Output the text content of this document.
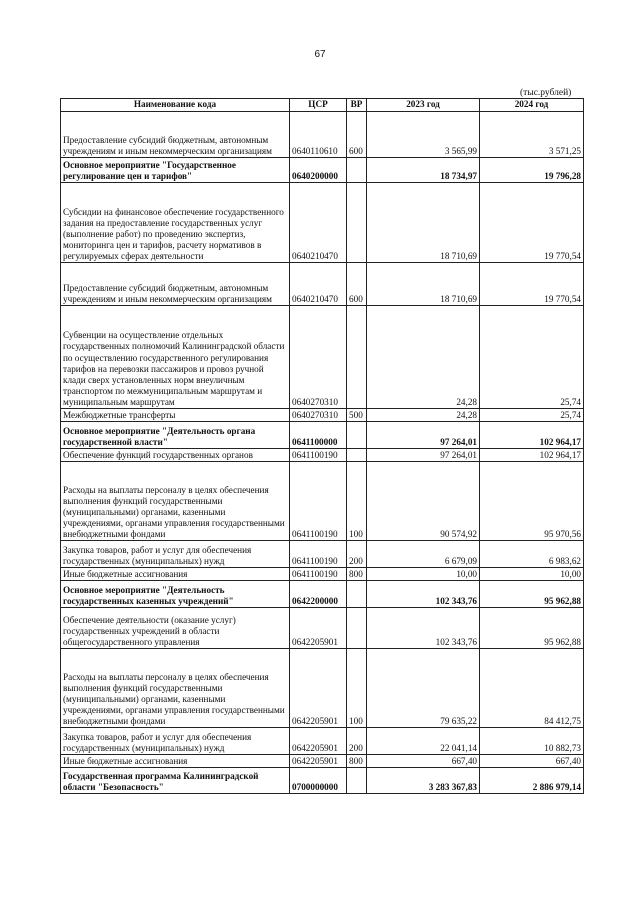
67
(тыс.рублей)
Наименование кода	ЦСР	ВР	2023 год	2024 год
Предоставление субсидий бюджетным, автономным учреждениям и иным некоммерческим организациям	0640110610	600	3 565,99	3 571,25
Основное мероприятие "Государственное регулирование цен и тарифов"	0640200000		18 734,97	19 796,28
Субсидии на финансовое обеспечение государственного задания на предоставление государственных услуг (выполнение работ) по проведению экспертиз, мониторинга цен и тарифов, расчету нормативов в регулируемых сферах деятельности	0640210470		18 710,69	19 770,54
Предоставление субсидий бюджетным, автономным учреждениям и иным некоммерческим организациям	0640210470	600	18 710,69	19 770,54
Субвенции на осуществление отдельных государственных полномочий Калининградской области по осуществлению государственного регулирования тарифов на перевозки пассажиров и провоз ручной клади сверх установленных норм внеуличным транспортом по межмуниципальным маршрутам и муниципальным маршрутам	0640270310		24,28	25,74
Межбюджетные трансферты	0640270310	500	24,28	25,74
Основное мероприятие "Деятельность органа государственной власти"	0641100000		97 264,01	102 964,17
Обеспечение функций государственных органов	0641100190		97 264,01	102 964,17
Расходы на выплаты персоналу в целях обеспечения выполнения функций государственными (муниципальными) органами, казенными учреждениями, органами управления государственными внебюджетными фондами	0641100190	100	90 574,92	95 970,56
Закупка товаров, работ и услуг для обеспечения государственных (муниципальных) нужд	0641100190	200	6 679,09	6 983,62
Иные бюджетные ассигнования	0641100190	800	10,00	10,00
Основное мероприятие "Деятельность государственных казенных учреждений"	0642200000		102 343,76	95 962,88
Обеспечение деятельности (оказание услуг) государственных учреждений в области общегосударственного управления	0642205901		102 343,76	95 962,88
Расходы на выплаты персоналу в целях обеспечения выполнения функций государственными (муниципальными) органами, казенными учреждениями, органами управления государственными внебюджетными фондами	0642205901	100	79 635,22	84 412,75
Закупка товаров, работ и услуг для обеспечения государственных (муниципальных) нужд	0642205901	200	22 041,14	10 882,73
Иные бюджетные ассигнования	0642205901	800	667,40	667,40
Государственная программа Калининградской области "Безопасность"	0700000000		3 283 367,83	2 886 979,14
